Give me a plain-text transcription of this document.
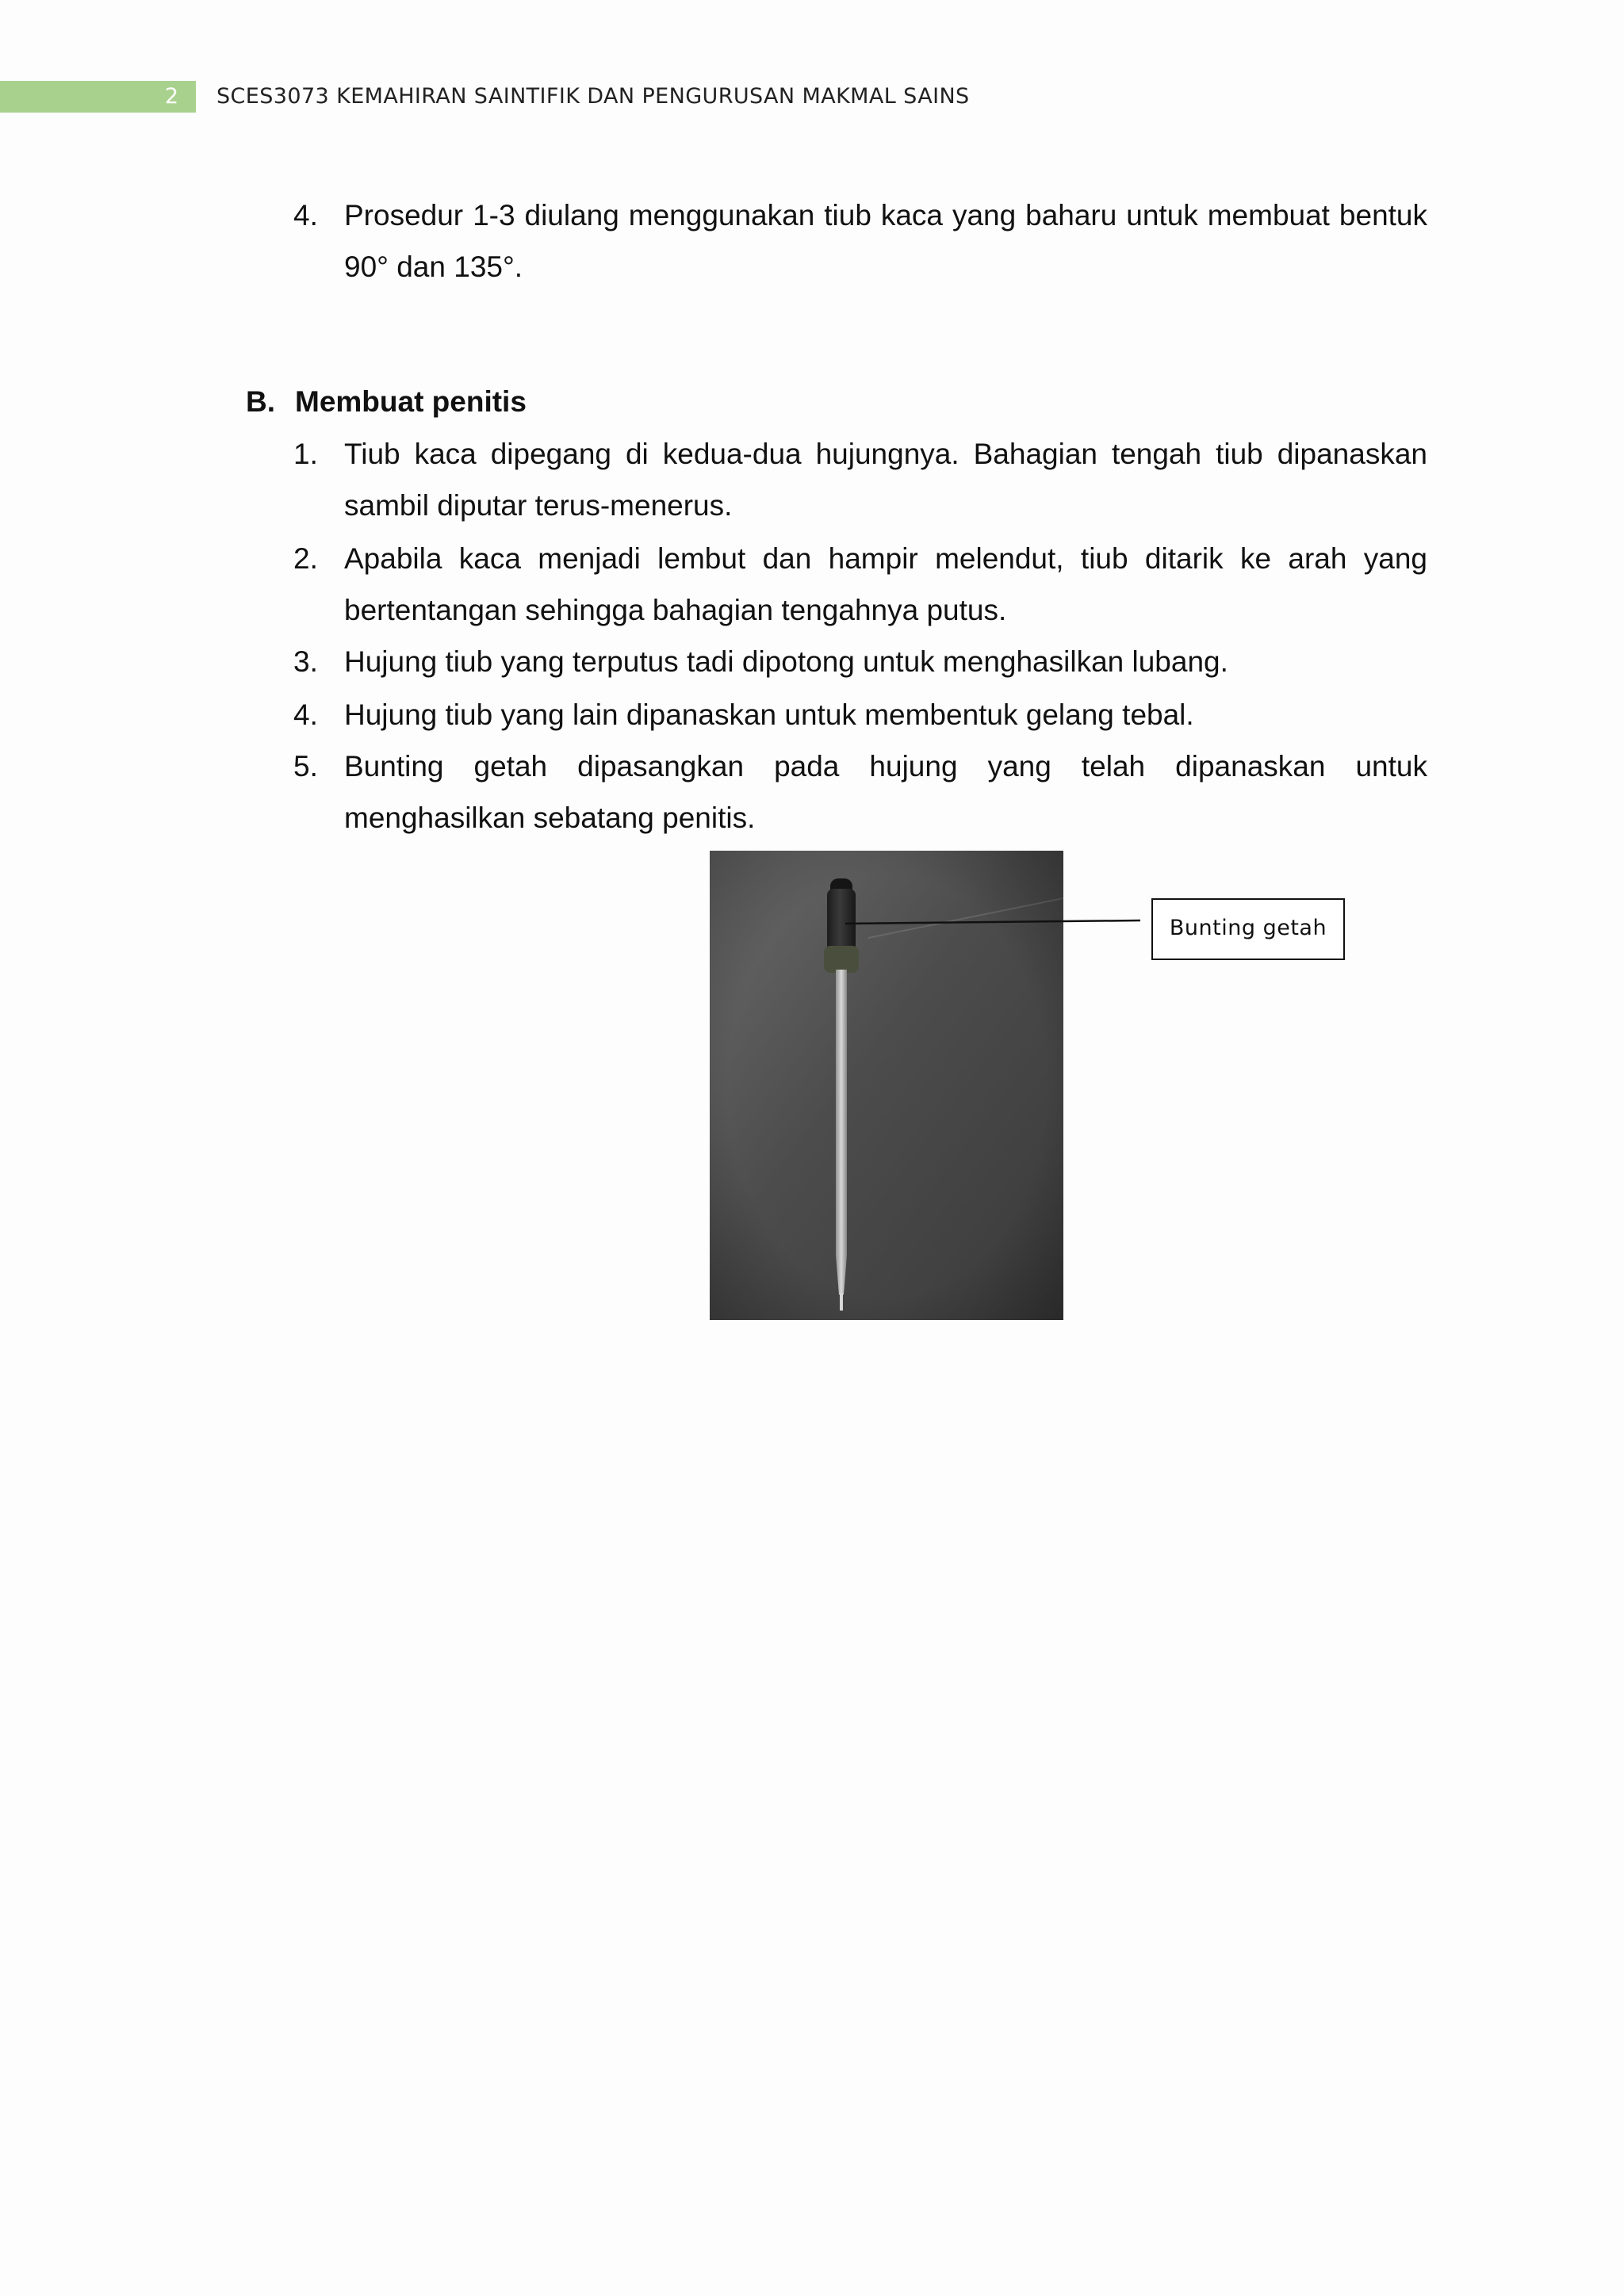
2 SCES3073 KEMAHIRAN SAINTIFIK DAN PENGURUSAN MAKMAL SAINS
4. Prosedur 1-3 diulang menggunakan tiub kaca yang baharu untuk membuat bentuk 90° dan 135°.
B. Membuat penitis
1. Tiub kaca dipegang di kedua-dua hujungnya. Bahagian tengah tiub dipanaskan sambil diputar terus-menerus.
2. Apabila kaca menjadi lembut dan hampir melendut, tiub ditarik ke arah yang bertentangan sehingga bahagian tengahnya putus.
3. Hujung tiub yang terputus tadi dipotong untuk menghasilkan lubang.
4. Hujung tiub yang lain dipanaskan untuk membentuk gelang tebal.
5. Bunting getah dipasangkan pada hujung yang telah dipanaskan untuk menghasilkan sebatang penitis.
Bunting getah
